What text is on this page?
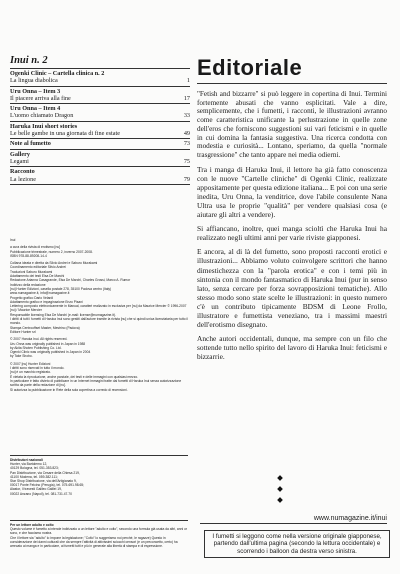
Inui n. 2
Ogenki Clinic – Cartella clinica n. 2
La lingua diabolica	1
Uru Onna – Item 3
Il piacere arriva alla fine	17
Uru Onna – Item 4
L'uomo chiamato Dragon	33
Haruka Inui short stories
Le belle gambe in una giornata di fine estate	49
Note al fumetto	73
Gallery
Legami	75
Racconto
La lezione	79

Inui

a cura della rivista di erotismo [nu]

Pubblicazione trimestrale, numero 2, inverno 2007-2008.

ISBN 978-88-89208-14-4

Collana ideata e diretta da Silvio Andrei e Saburo Murakami

Coordinamento editoriale Silvio Andrei

Traduzioni Saburo Murakami

Adattamento dei testi Elsa De Marchi

Redazione Arianna Casagrande, Elsa De Marchi, Charles Grossi, Marco A. Rumor

Indirizzo della redazione

[nu] Hunter Edizioni, casella postale 278, 35100 Padova centro (Italy)

www.numagazine.it, info@numagazine.it

Progetto grafico Dario Velardi

Adattamento grafico e impaginazione Enzo Pisani

Lettering composto elettronicamente in Manual, caratteri realizzato in esclusiva per [nu] da Maurice Mercier © 1996-2007 [nu] / Maurice Mercier

Responsabile licensing Elsa De Marchi (e-mail: license@numagazine.it).

I diritti di tutti i fumetti di Haruka Inui sono gestiti dall'autore tramite la rivista [nu] che si quindi unica licenziataria per tutto il mondo.

Stampa Centrooffset Master, Mestrino (Padova)

Editore Hunter srl

© 2007 Haruka Inui. All rights reserved.

Uru Onna was originally published in Japan in 1988

by Akita Shoten Publishing Co. Ltd.

Ogenki Clinic was originally published in Japan in 2004

by Take Shobo.

© 2007 [nu] Hunter Edizioni

I diritti sono riservati in tutto il mondo.

[nu] è un marchio registrato.

È vietata la riproduzione, anche parziale, dei testi e delle immagini con qualsiasi mezzo.

In particolare è fatto divieto di pubblicare in un Internet immagini tratte dai fumetti di Haruka Inui senza autorizzazione scritta da parte della redazione di [nu].

Si autorizza la pubblicazione in Rete della sola copertina a corredo di recensioni.

Distributori nazionali

Hunter, via Bartolemo 12,

40129 Bologna, tel. 051-353.823;

Pan Distribuzione, via Cesare della Chiesa 219,

41100 Modena, tel. 059-382.111;

Star Shop Distribuzione, via dell'Artigianato 9,

00017 Ponte Felcino (Perugia), tel. 075-691.98.65;

Alastor, Il travesti Galileo Galilei 19,

00022 Anzano (Napoli), tel. 081-731.47.70

Per un lettore adulto e colto

Questo volume è fumetto a intende indirizzato a un lettore "adulto e colto", secondo una formula già usata da altri, anni or sono, e che facciamo nostra.

Che il lettore sia "adulto" lo impone la legislazione; "Colto" lo suggeriamo noi perché, le ragazze) Questo in considerazione dei danni culturali che da sempre l'attività di attivissimi sciocchi censori (e un preconcetto, certo) ha arrecato ai manga e in particolare, ai fumetti tutti e più in generale alla libertà di stampa e di espressione.

Editoriale

"Fetish and bizzarre" si può leggere in copertina di Inui. Termini fortemente abusati che vanno esplicitati. Vale a dire, semplicemente, che i fumetti, i racconti, le illustrazioni avranno come caratteristica unificante la perlustrazione in quelle zone dell'eros che forniscono suggestioni sui vari feticismi e in quelle in cui domina la fantasia suggestiva. Una ricerca condotta con modestia e curiosità... Lontano, speriamo, da quella "normale trasgressione" che tanto appare nei media odierni.

Tra i manga di Haruka Inui, il lettore ha già fatto conoscenza con le nuove "Cartelle cliniche" di Ogenki Clinic, realizzate appositamente per questa edizione italiana... E poi con una serie inedita, Uru Onna, la venditrice, dove l'abile consulente Nana Ultra usa le proprie "qualità" per vendere qualsiasi cosa (e aiutare gli altri a vendere).

Si affiancano, inoltre, quei manga scioltì che Haruka Inui ha realizzato negli ultimi anni per varie riviste giapponesi.

E ancora, al di là del fumetto, sono proposti racconti erotici e illustrazioni... Abbiamo voluto coinvolgere scrittori che hanno dimestichezza con la "parola erotica" e con i temi più in sintonia con il mondo fantasmatico di Haruka Inui (pur in senso lato, senza cercare per forza sovrapposizioni tematiche). Allo stesso modo sono state scelte le illustrazioni: in questo numero c'è un contributo tipicamente BDSM di Leone Frollo, illustratore e fumettista veneziano, tra i massimi maestri dell'erotismo disegnato.

Anche autori occidentali, dunque, ma sempre con un filo che sottende tutto nello spirito del lavoro di Haruka Inui: feticismi e bizzarrie.

www.numagazine.it/inui
I fumetti si leggono come nella versione originale giapponese, partendo dall'ultima pagina (secondo la lettura occidentale) e scorrendo i balloon da destra verso sinistra.
